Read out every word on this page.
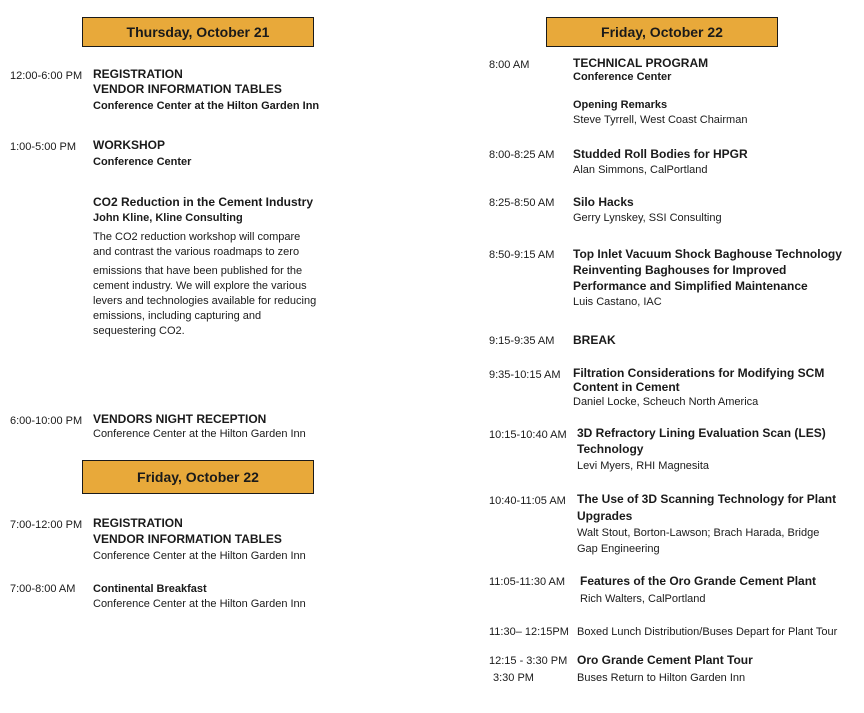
Thursday, October 21
12:00-6:00 PM REGISTRATION
VENDOR INFORMATION TABLES
Conference Center at the Hilton Garden Inn
1:00-5:00 PM WORKSHOP
Conference Center
CO2 Reduction in the Cement Industry
John Kline, Kline Consulting
The CO2 reduction workshop will compare
and contrast the various roadmaps to zero
emissions that have been published for the
cement industry. We will explore the various
levers and technologies available for reducing
emissions, including capturing and
sequestering CO2.
6:00-10:00 PM VENDORS NIGHT RECEPTION
Conference Center at the Hilton Garden Inn
Friday, October 22
7:00-12:00 PM REGISTRATION
VENDOR INFORMATION TABLES
Conference Center at the Hilton Garden Inn
7:00-8:00 AM Continental Breakfast
Conference Center at the Hilton Garden Inn
Friday, October 22
8:00 AM	TECHNICAL PROGRAM
Conference Center
Opening Remarks
Steve Tyrrell, West Coast Chairman
8:00-8:25 AM Studded Roll Bodies for HPGR
Alan Simmons, CalPortland
8:25-8:50 AM Silo Hacks
Gerry Lynskey, SSI Consulting
8:50-9:15 AM Top Inlet Vacuum Shock Baghouse Technology
Reinventing Baghouses for Improved
Performance and Simplified Maintenance
Luis Castano, IAC
9:15-9:35 AM BREAK
9:35-10:15 AM Filtration Considerations for Modifying SCM
Content in Cement
Daniel Locke, Scheuch North America
10:15-10:40 AM 3D Refractory Lining Evaluation Scan (LES)
Technology
Levi Myers, RHI Magnesita
10:40-11:05 AM The Use of 3D Scanning Technology for Plant
Upgrades
Walt Stout, Borton-Lawson; Brach Harada, Bridge
Gap Engineering
11:05-11:30 AM Features of the Oro Grande Cement Plant
Rich Walters, CalPortland
11:30– 12:15PM Boxed Lunch Distribution/Buses Depart for Plant Tour
12:15 - 3:30 PM Oro Grande Cement Plant Tour
3:30 PM	Buses Return to Hilton Garden Inn
